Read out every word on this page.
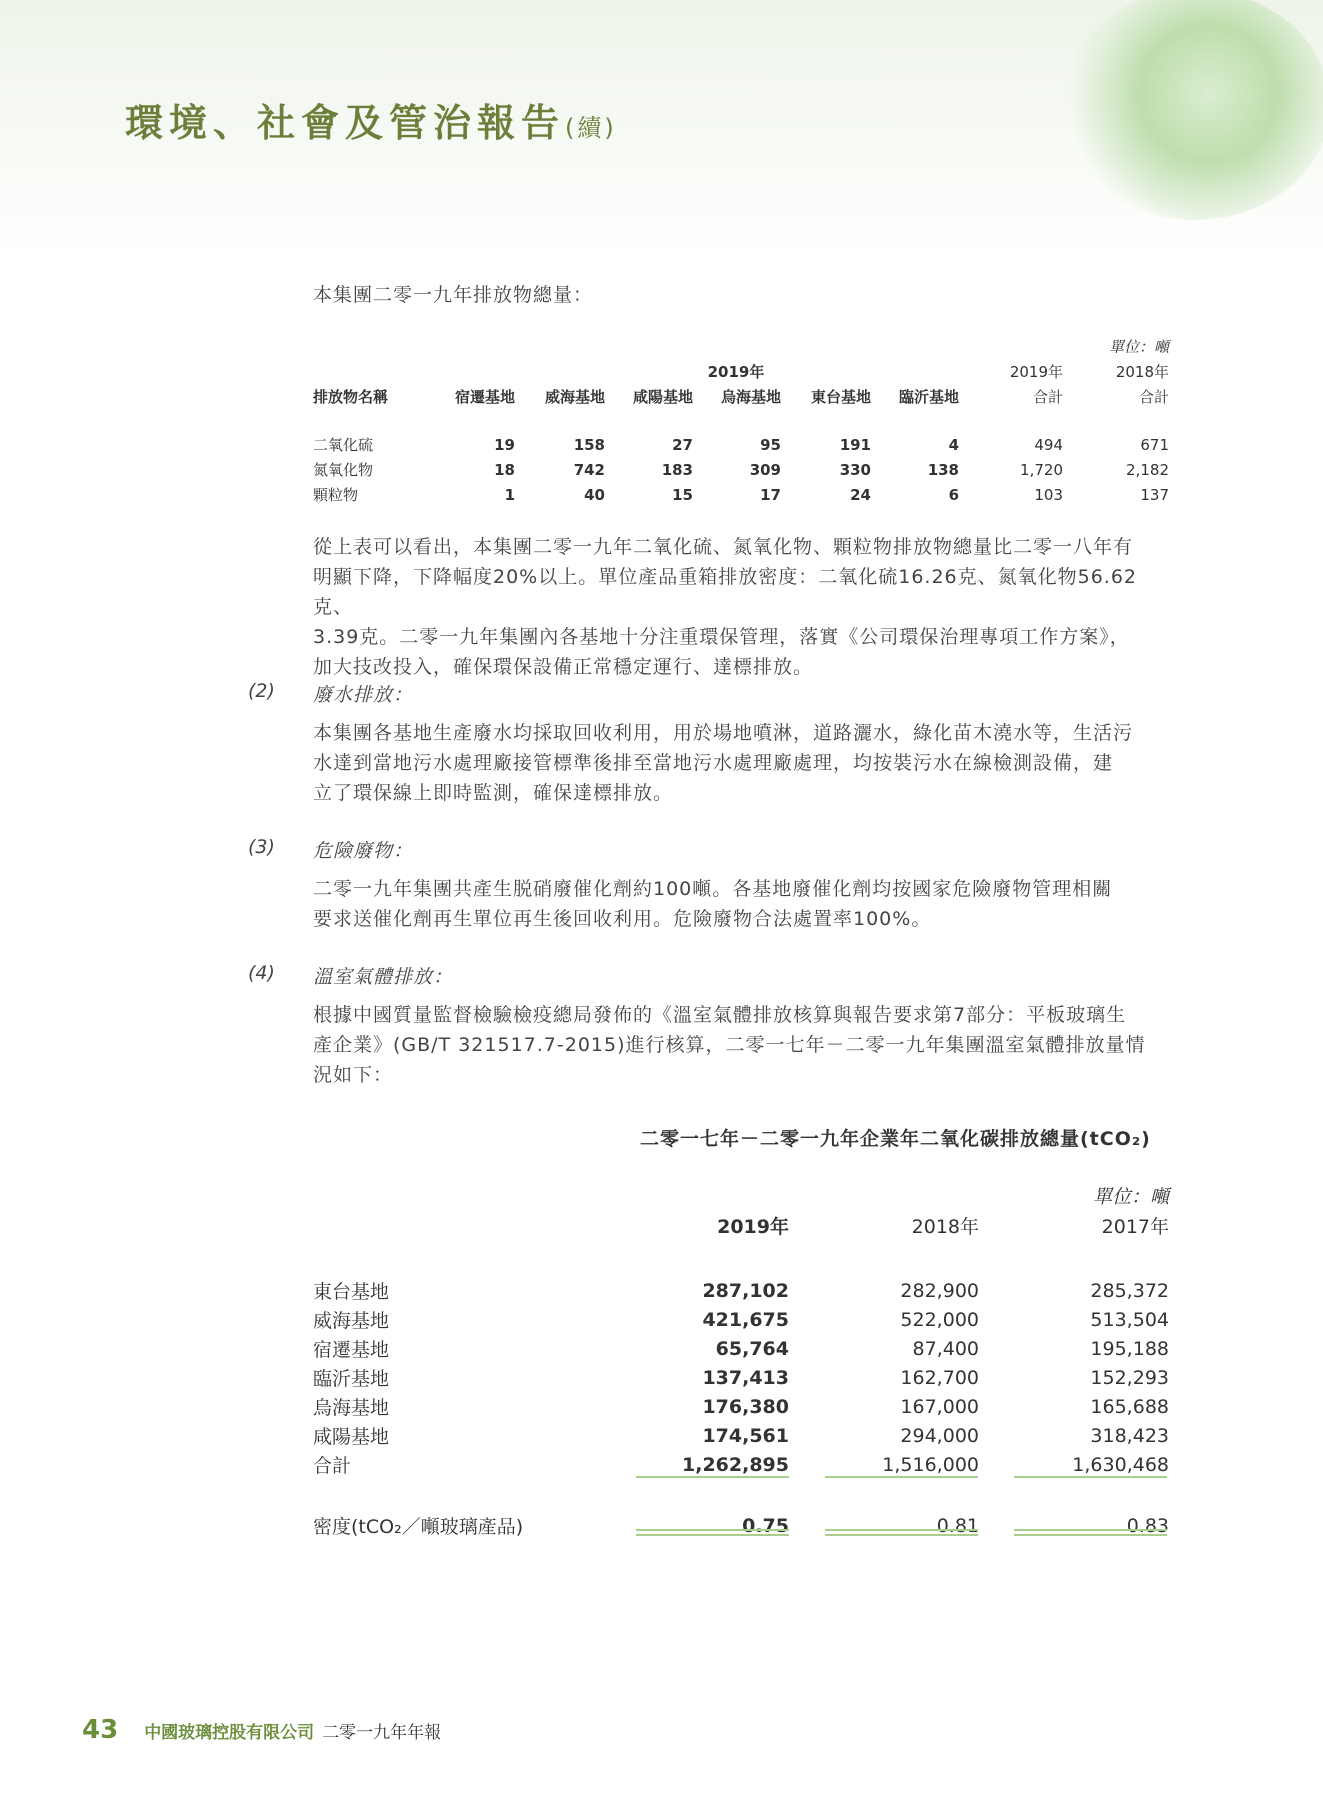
環境、社會及管治報告(續)
本集團二零一九年排放物總量：
單位：噸								
2019年							2019年	2018年
排放物名稱	宿遷基地	威海基地	咸陽基地	烏海基地	東台基地	臨沂基地	合計	合計

二氧化硫	19	158	27	95	191	4	494	671
氮氧化物	18	742	183	309	330	138	1,720	2,182
顆粒物	1	40	15	17	24	6	103	137
從上表可以看出，本集團二零一九年二氧化硫、氮氧化物、顆粒物排放物總量比二零一八年有
明顯下降，下降幅度20%以上。單位產品重箱排放密度：二氧化硫16.26克、氮氧化物56.62克、
3.39克。二零一九年集團內各基地十分注重環保管理，落實《公司環保治理專項工作方案》，
加大技改投入，確保環保設備正常穩定運行、達標排放。
(2) 廢水排放：
本集團各基地生產廢水均採取回收利用，用於場地噴淋，道路灑水，綠化苗木澆水等，生活污
水達到當地污水處理廠接管標準後排至當地污水處理廠處理，均按裝污水在線檢測設備，建
立了環保線上即時監測，確保達標排放。
(3) 危險廢物：
二零一九年集團共產生脱硝廢催化劑約100噸。各基地廢催化劑均按國家危險廢物管理相關
要求送催化劑再生單位再生後回收利用。危險廢物合法處置率100%。
(4) 溫室氣體排放：
根據中國質量監督檢驗檢疫總局發佈的《溫室氣體排放核算與報告要求第7部分：平板玻璃生
產企業》(GB/T 321517.7-2015)進行核算，二零一七年－二零一九年集團溫室氣體排放量情
況如下：
二零一七年－二零一九年企業年二氧化碳排放總量(tCO₂)
單位：噸			
	2019年	2018年	2017年

東台基地	287,102	282,900	285,372
威海基地	421,675	522,000	513,504
宿遷基地	65,764	87,400	195,188
臨沂基地	137,413	162,700	152,293
烏海基地	176,380	167,000	165,688
咸陽基地	174,561	294,000	318,423
合計	1,262,895	1,516,000	1,630,468

密度(tCO₂／噸玻璃產品)	0.75	0.81	0.83
43 中國玻璃控股有限公司 二零一九年年報
